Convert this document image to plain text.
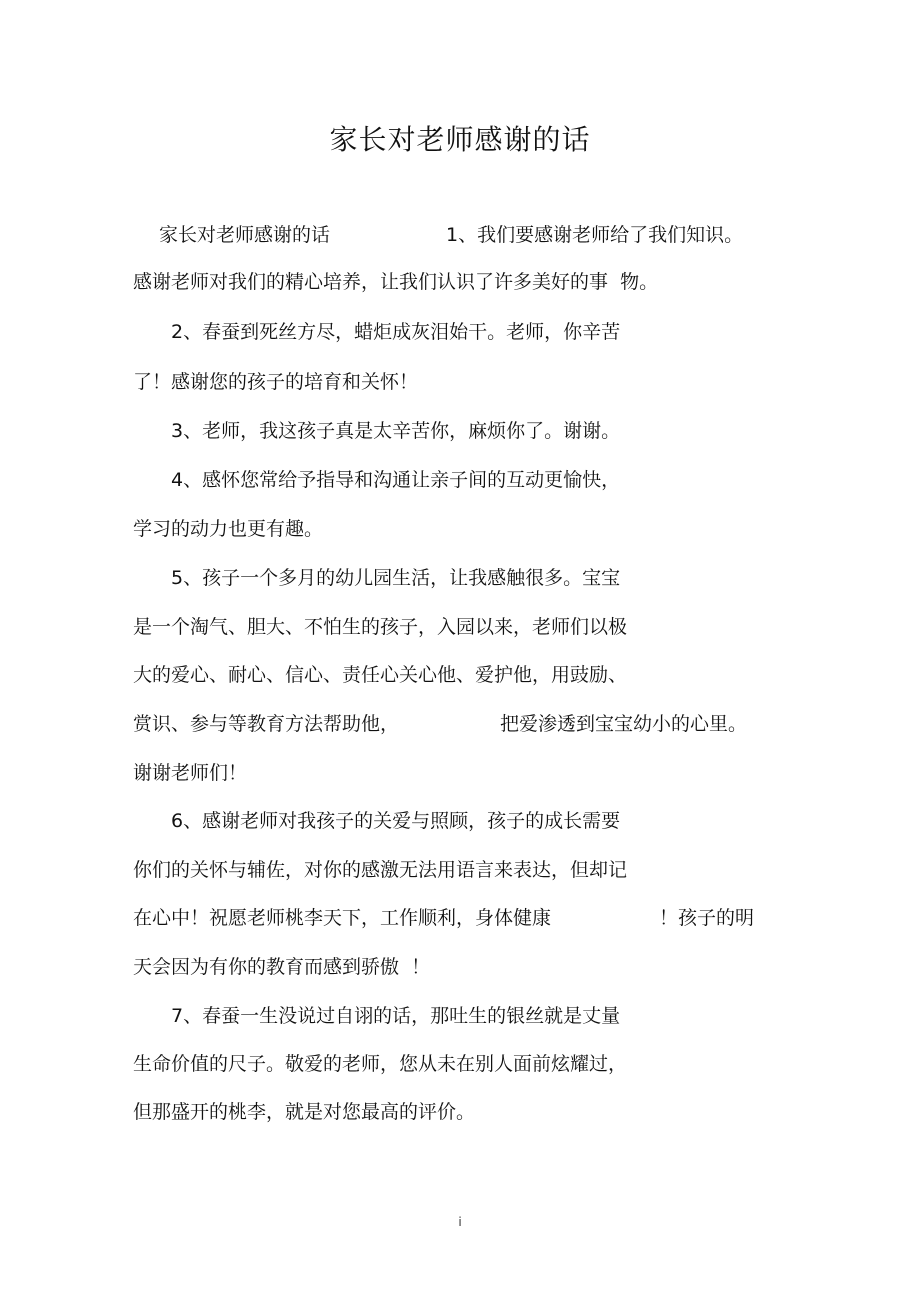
家长对老师感谢的话
家长对老师感谢的话	1、我们要感谢老师给了我们知识。
感谢老师对我们的精心培养，让我们认识了许多美好的事  物。
2、春蚕到死丝方尽，蜡炬成灰泪始干。老师，你辛苦
了！感谢您的孩子的培育和关怀！
3、老师，我这孩子真是太辛苦你，麻烦你了。谢谢。
4、感怀您常给予指导和沟通让亲子间的互动更愉快，
学习的动力也更有趣。
5、孩子一个多月的幼儿园生活，让我感触很多。宝宝
是一个淘气、胆大、不怕生的孩子，入园以来，老师们以极
大的爱心、耐心、信心、责任心关心他、爱护他，用豉励、
赏识、参与等教育方法帮助他，	把爱渗透到宝宝幼小的心里。
谢谢老师们！
6、感谢老师对我孩子的关爱与照顾，孩子的成长需要
你们的关怀与辅佐，对你的感激无法用语言来表达，但却记
在心中！祝愿老师桃李天下，工作顺利，身体健康	！孩子的明
天会因为有你的教育而感到骄傲  ！
7、春蚕一生没说过自诩的话，那吐生的银丝就是丈量
生命价值的尺子。敬爱的老师，您从未在别人面前炫耀过，
但那盛开的桃李，就是对您最高的评价。
i
